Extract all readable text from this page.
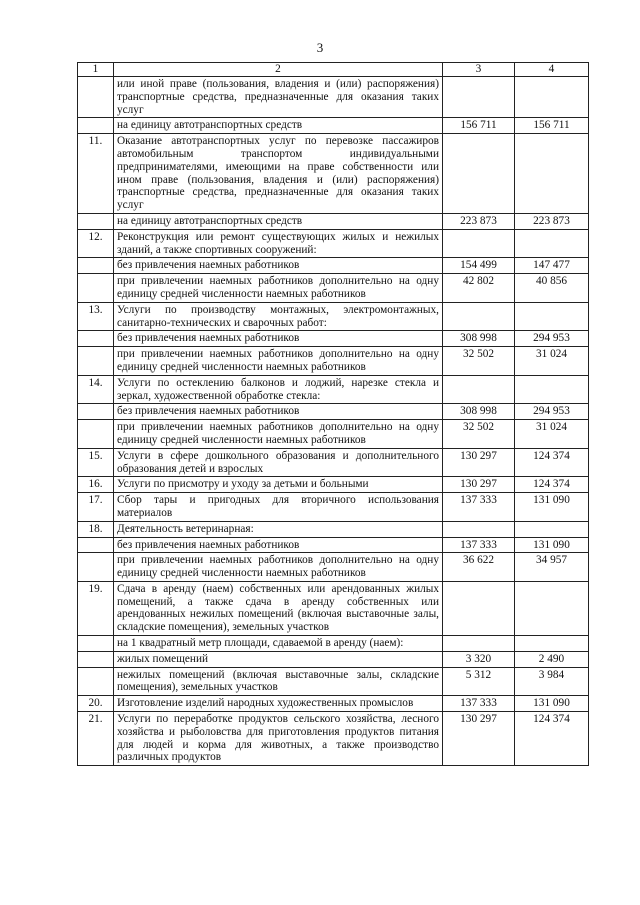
3
1	2	3	4
	или иной праве (пользования, владения и (или) распоряжения) транспортные средства, предназначенные для оказания таких услуг		
	на единицу автотранспортных средств	156 711	156 711
11.	Оказание автотранспортных услуг по перевозке пассажиров автомобильным транспортом индивидуальными предпринимателями, имеющими на праве собственности или ином праве (пользования, владения и (или) распоряжения) транспортные средства, предназначенные для оказания таких услуг		
	на единицу автотранспортных средств	223 873	223 873
12.	Реконструкция или ремонт существующих жилых и нежилых зданий, а также спортивных сооружений:		
	без привлечения наемных работников	154 499	147 477
	при привлечении наемных работников дополнительно на одну единицу средней численности наемных работников	42 802	40 856
13.	Услуги по производству монтажных, электромонтажных, санитарно-технических и сварочных работ:		
	без привлечения наемных работников	308 998	294 953
	при привлечении наемных работников дополнительно на одну единицу средней численности наемных работников	32 502	31 024
14.	Услуги по остеклению балконов и лоджий, нарезке стекла и зеркал, художественной обработке стекла:		
	без привлечения наемных работников	308 998	294 953
	при привлечении наемных работников дополнительно на одну единицу средней численности наемных работников	32 502	31 024
15.	Услуги в сфере дошкольного образования и дополнительного образования детей и взрослых	130 297	124 374
16.	Услуги по присмотру и уходу за детьми и больными	130 297	124 374
17.	Сбор тары и пригодных для вторичного использования материалов	137 333	131 090
18.	Деятельность ветеринарная:		
	без привлечения наемных работников	137 333	131 090
	при привлечении наемных работников дополнительно на одну единицу средней численности наемных работников	36 622	34 957
19.	Сдача в аренду (наем) собственных или арендованных жилых помещений, а также сдача в аренду собственных или арендованных нежилых помещений (включая выставочные залы, складские помещения), земельных участков		
	на 1 квадратный метр площади, сдаваемой в аренду (наем):		
	жилых помещений	3 320	2 490
	нежилых помещений (включая выставочные залы, складские помещения), земельных участков	5 312	3 984
20.	Изготовление изделий народных художественных промыслов	137 333	131 090
21.	Услуги по переработке продуктов сельского хозяйства, лесного хозяйства и рыболовства для приготовления продуктов питания для людей и корма для животных, а также производство различных продуктов	130 297	124 374
